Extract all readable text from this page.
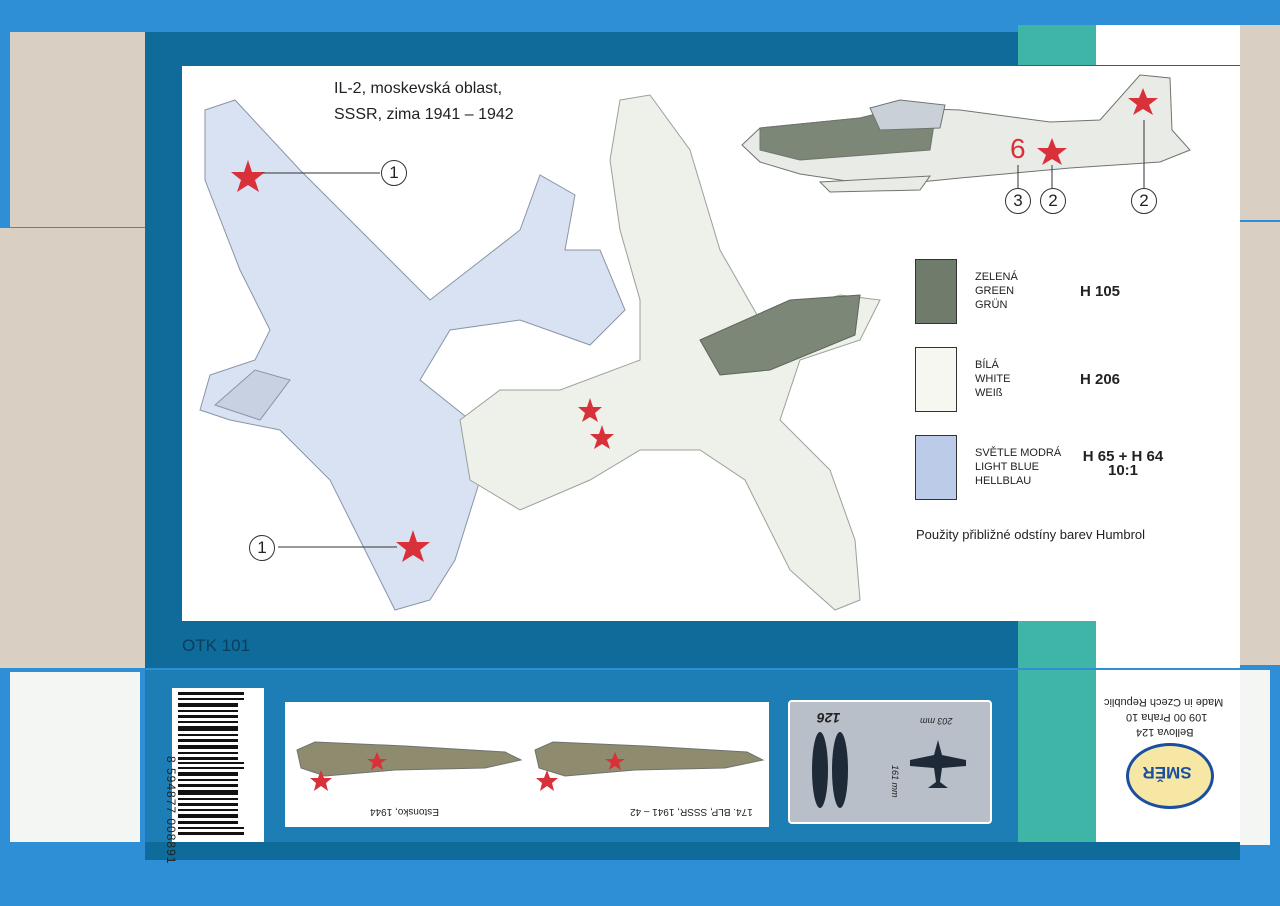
IL-2, moskevská oblast,
SSSR, zima 1941 – 1942
6
1
1
3	2	2
ZELENÁ
GREEN
GRÜN
H 105
BÍLÁ
WHITE
WEIß
H 206
SVĚTLE MODRÁ
LIGHT BLUE
HELLBLAU
H 65 + H 64
10:1
Použity přibližné odstíny barev Humbrol
OTK 101
8 594877 008891	Estonsko, 1944	174. BLP, SSSR, 1941 – 42
126	203 mm
161 mm	SMĚR
Bellova 124
109 00 Praha 10
Made in Czech Republic
